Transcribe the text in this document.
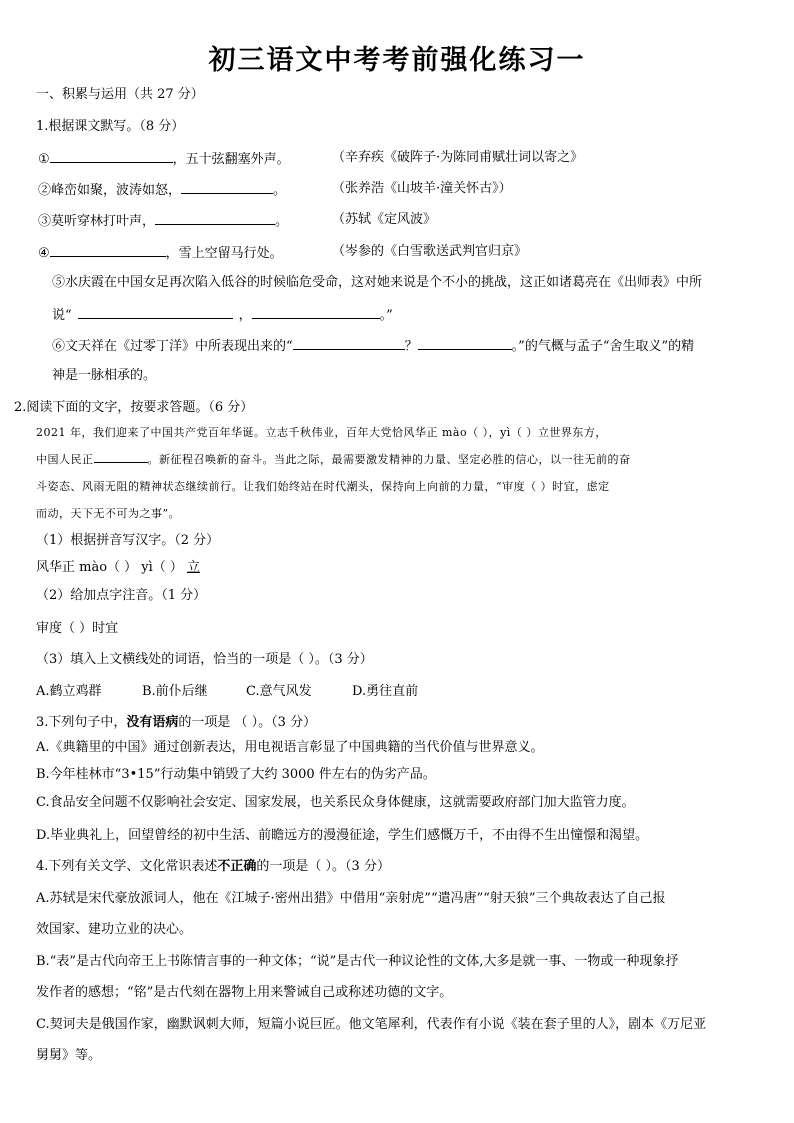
初三语文中考考前强化练习一
一、积累与运用（共 27 分）
1.根据课文默写。（8 分）
①	，五十弦翻塞外声。	（辛弃疾《破阵子·为陈同甫赋壮词以寄之》
②峰峦如聚，波涛如怒，	。	（张养浩《山坡羊·潼关怀古》）
③莫听穿林打叶声，	。	（苏轼《定风波》
④	，雪上空留马行处。	（岑参的《白雪歌送武判官归京》
⑤水庆霞在中国女足再次陷入低谷的时候临危受命，这对她来说是个不小的挑战，这正如诸葛亮在《出师表》中所
说“	，	。”
⑥文天祥在《过零丁洋》中所表现出来的“	？	。”的气概与孟子“舍生取义”的精
神是一脉相承的。
2.阅读下面的文字，按要求答题。（6 分）
2021 年，我们迎来了中国共产党百年华诞。立志千秋伟业，百年大党恰风华正 mào（ ），yì（ ）立世界东方，
中国人民正	。新征程召唤新的奋斗。当此之际，最需要激发精神的力量、坚定必胜的信心，以一往无前的奋
斗姿态、风雨无阻的精神状态继续前行。让我们始终站在时代潮头，保持向上向前的力量，“审度（ ）时宜，虑定
而动，天下无不可为之事”。
（1）根据拼音写汉字。（2 分）
风华正 mào（ ） yì（ ） 立
（2）给加点字注音。（1 分）
审度（ ）时宜
（3）填入上文横线处的词语，恰当的一项是（ ）。（3 分）
A.鹤立鸡群	B.前仆后继	C.意气风发	D.勇往直前
3.下列句子中，没有语病的一项是 （ ）。（3 分）
A.《典籍里的中国》通过创新表达，用电视语言彰显了中国典籍的当代价值与世界意义。
B.今年桂林市“3•15”行动集中销毁了大约 3000 件左右的伪劣产品。
C.食品安全问题不仅影响社会安定、国家发展，也关系民众身体健康，这就需要政府部门加大监管力度。
D.毕业典礼上，回望曾经的初中生活、前瞻远方的漫漫征途，学生们感慨万千，不由得不生出憧憬和渴望。
4.下列有关文学、文化常识表述不正确的一项是（ ）。（3 分）
A.苏轼是宋代豪放派词人，他在《江城子·密州出猎》中借用“亲射虎”“遣冯唐”“射天狼”三个典故表达了自己报
效国家、建功立业的决心。
B.“表”是古代向帝王上书陈情言事的一种文体；“说”是古代一种议论性的文体,大多是就一事、一物或一种现象抒
发作者的感想；“铭”是古代刻在器物上用来警诫自己或称述功德的文字。
C.契诃夫是俄国作家，幽默讽刺大师，短篇小说巨匠。他文笔犀利，代表作有小说《装在套子里的人》，剧本《万尼亚
舅舅》等。
